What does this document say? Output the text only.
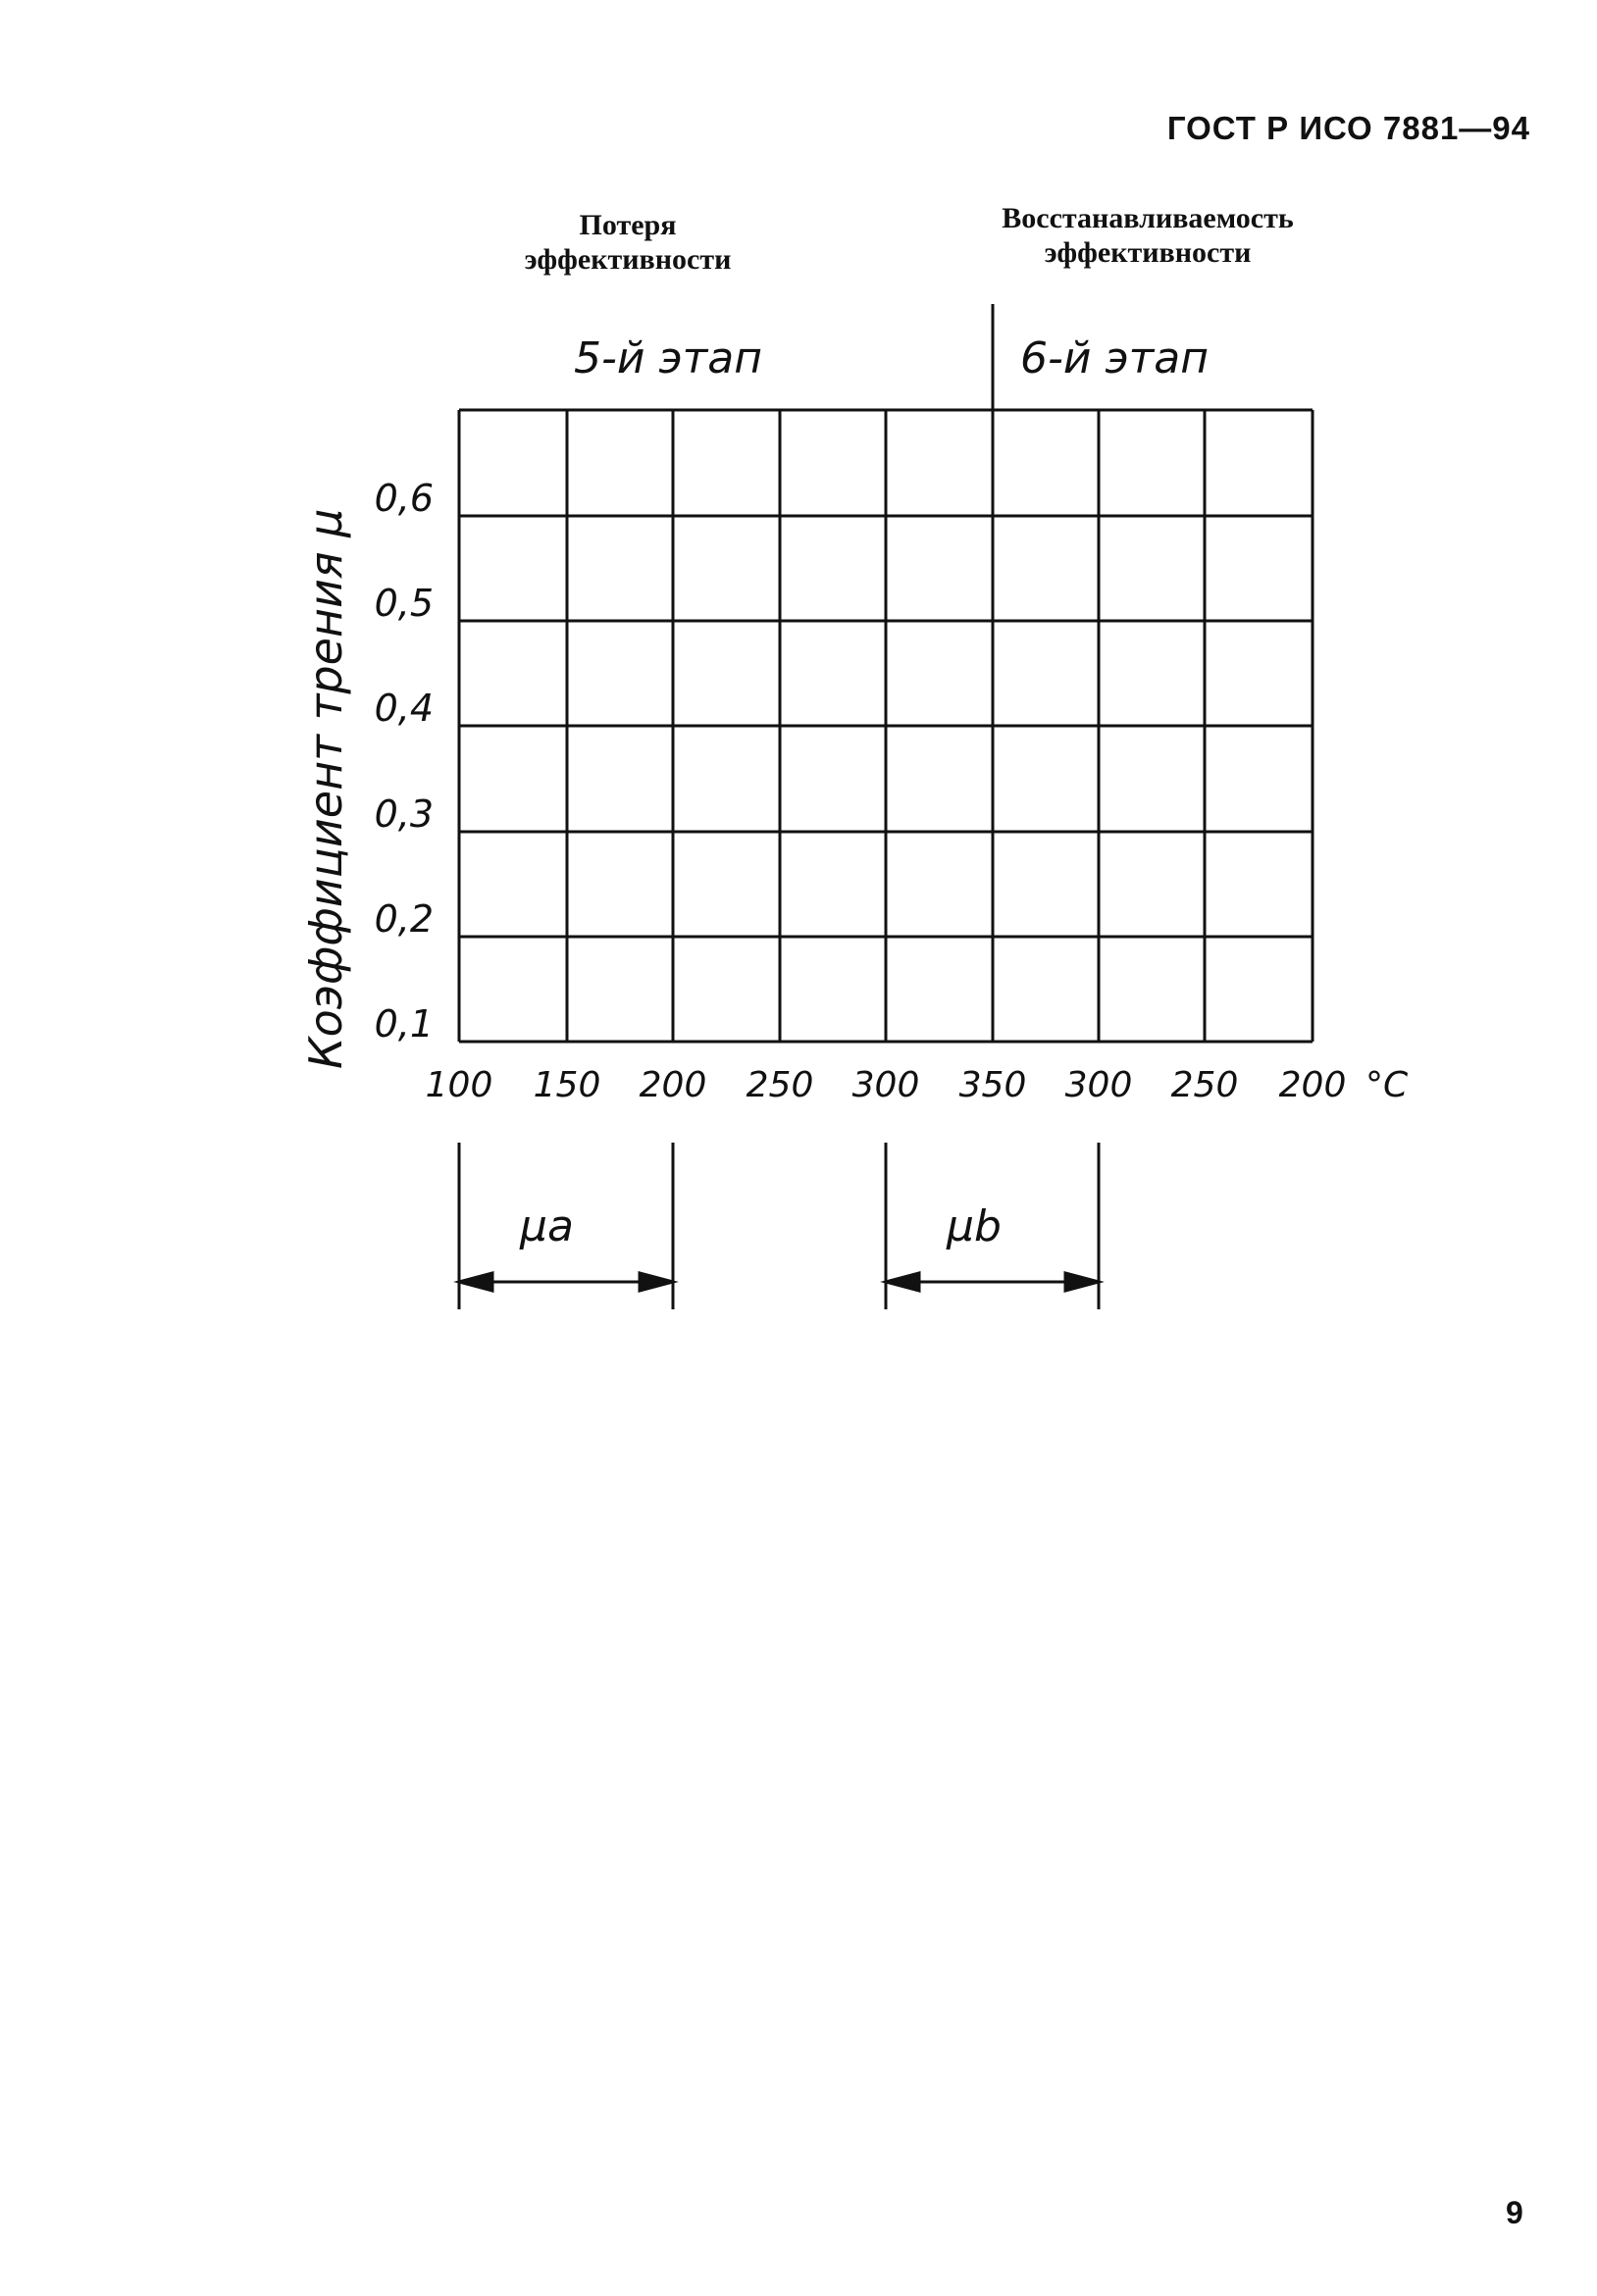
ГОСТ Р ИСО 7881—94
Потеря
эффективности
Восстанавливаемость
эффективности
5-й этап	6-й этап
Коэффициент трения μ
0,6
0,5
0,4
0,3
0,2
0,1
100	150	200	250	300	350	300	250	200 °C
μa	μb
9
